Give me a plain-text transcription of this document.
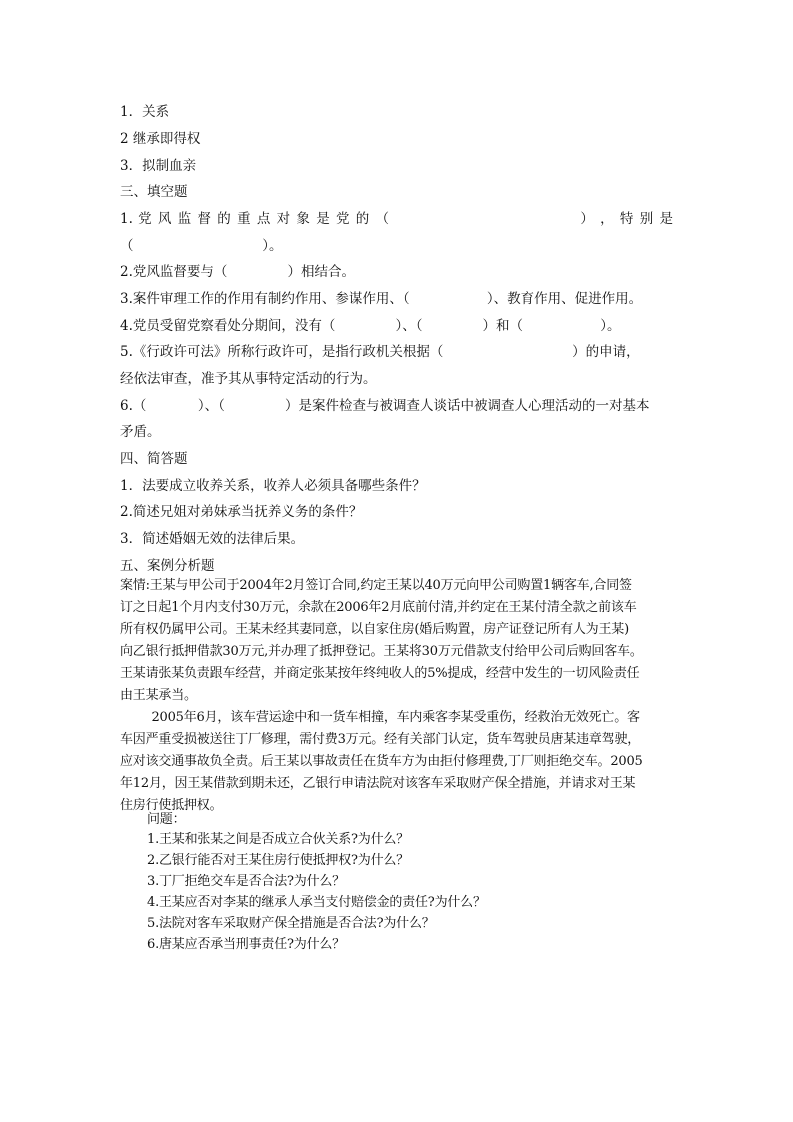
1．关系

2 继承即得权

3．拟制血亲

三、填空题

1. 党 风 监 督 的 重 点 对 象 是 党 的 （                                    ） ， 特 别 是

（                              ）。

2.党风监督要与（              ）相结合。

3.案件审理工作的作用有制约作用、参谋作用、（                  ）、教育作用、促进作用。

4.党员受留党察看处分期间，没有（              ）、（              ）和（                  ）。

5.《行政许可法》所称行政许可，是指行政机关根据（                              ）的申请，

经依法审查，准予其从事特定活动的行为。

6.（            ）、（              ）是案件检查与被调查人谈话中被调查人心理活动的一对基本

矛盾。

四、简答题

1．法要成立收养关系，收养人必须具备哪些条件？

2.简述兄姐对弟妹承当抚养义务的条件？

3．简述婚姻无效的法律后果。

五、案例分析题

案情:王某与甲公司于2004年2月签订合同,约定王某以40万元向甲公司购置1辆客车,合同签

订之日起1个月内支付30万元，余款在2006年2月底前付清,并约定在王某付清全款之前该车

所有权仍属甲公司。王某未经其妻同意，以自家住房(婚后购置，房产证登记所有人为王某)

向乙银行抵押借款30万元,并办理了抵押登记。王某将30万元借款支付给甲公司后购回客车。

王某请张某负责跟车经营，并商定张某按年终纯收人的5%提成，经营中发生的一切风险责任

由王某承当。

2005年6月，该车营运途中和一货车相撞，车内乘客李某受重伤，经救治无效死亡。客

车因严重受损被送往丁厂修理，需付费3万元。经有关部门认定，货车驾驶员唐某违章驾驶，

应对该交通事故负全责。后王某以事故责任在货车方为由拒付修理费,丁厂则拒绝交车。2005

年12月，因王某借款到期未还，乙银行申请法院对该客车采取财产保全措施，并请求对王某

住房行使抵押权。

问题：

1.王某和张某之间是否成立合伙关系?为什么？

2.乙银行能否对王某住房行使抵押权?为什么？

3.丁厂拒绝交车是否合法?为什么？

4.王某应否对李某的继承人承当支付赔偿金的责任?为什么？

5.法院对客车采取财产保全措施是否合法?为什么？

6.唐某应否承当刑事责任?为什么？
